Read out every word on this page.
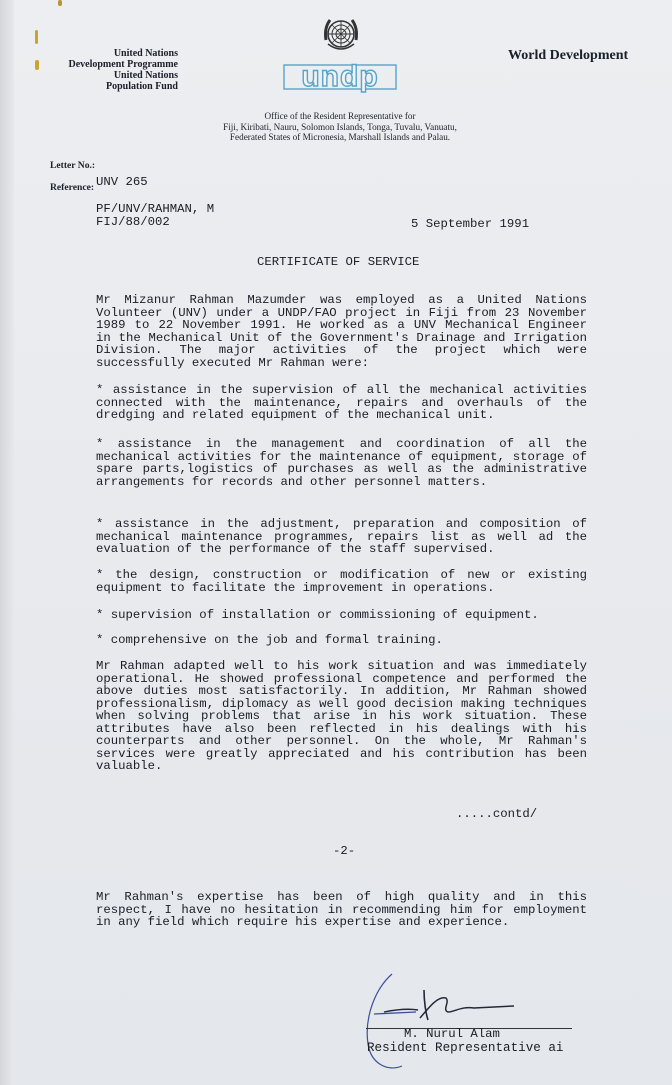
United Nations
Development Programme
United Nations
Population Fund	undp
World Development
Office of the Resident Representative for
Fiji, Kiribati, Nauru, Solomon Islands, Tonga, Tuvalu, Vanuatu,
Federated States of Micronesia, Marshall Islands and Palau.
Letter No.:
Reference: UNV 265
PF/UNV/RAHMAN, M
FIJ/88/002	5 September 1991
CERTIFICATE OF SERVICE
Mr Mizanur Rahman Mazumder was employed as a United Nations Volunteer (UNV) under a UNDP/FAO project in Fiji from 23 November 1989 to 22 November 1991. He worked as a UNV Mechanical Engineer in the Mechanical Unit of the Government's Drainage and Irrigation Division. The major activities of the project which were successfully executed Mr Rahman were:
* assistance in the supervision of all the mechanical activities connected with the maintenance, repairs and overhauls of the dredging and related equipment of the mechanical unit.
* assistance in the management and coordination of all the mechanical activities for the maintenance of equipment, storage of spare parts,logistics of purchases as well as the administrative arrangements for records and other personnel matters.
* assistance in the adjustment, preparation and composition of mechanical maintenance programmes, repairs list as well ad the evaluation of the performance of the staff supervised.
* the design, construction or modification of new or existing equipment to facilitate the improvement in operations.
* supervision of installation or commissioning of equipment.
* comprehensive on the job and formal training.
Mr Rahman adapted well to his work situation and was immediately operational. He showed professional competence and performed the above duties most satisfactorily. In addition, Mr Rahman showed professionalism, diplomacy as well good decision making techniques when solving problems that arise in his work situation. These attributes have also been reflected in his dealings with his counterparts and other personnel. On the whole, Mr Rahman's services were greatly appreciated and his contribution has been valuable.
.....contd/
-2-
Mr Rahman's expertise has been of high quality and in this respect, I have no hesitation in recommending him for employment in any field which require his expertise and experience.
M. Nurul Alam
Resident Representative ai
